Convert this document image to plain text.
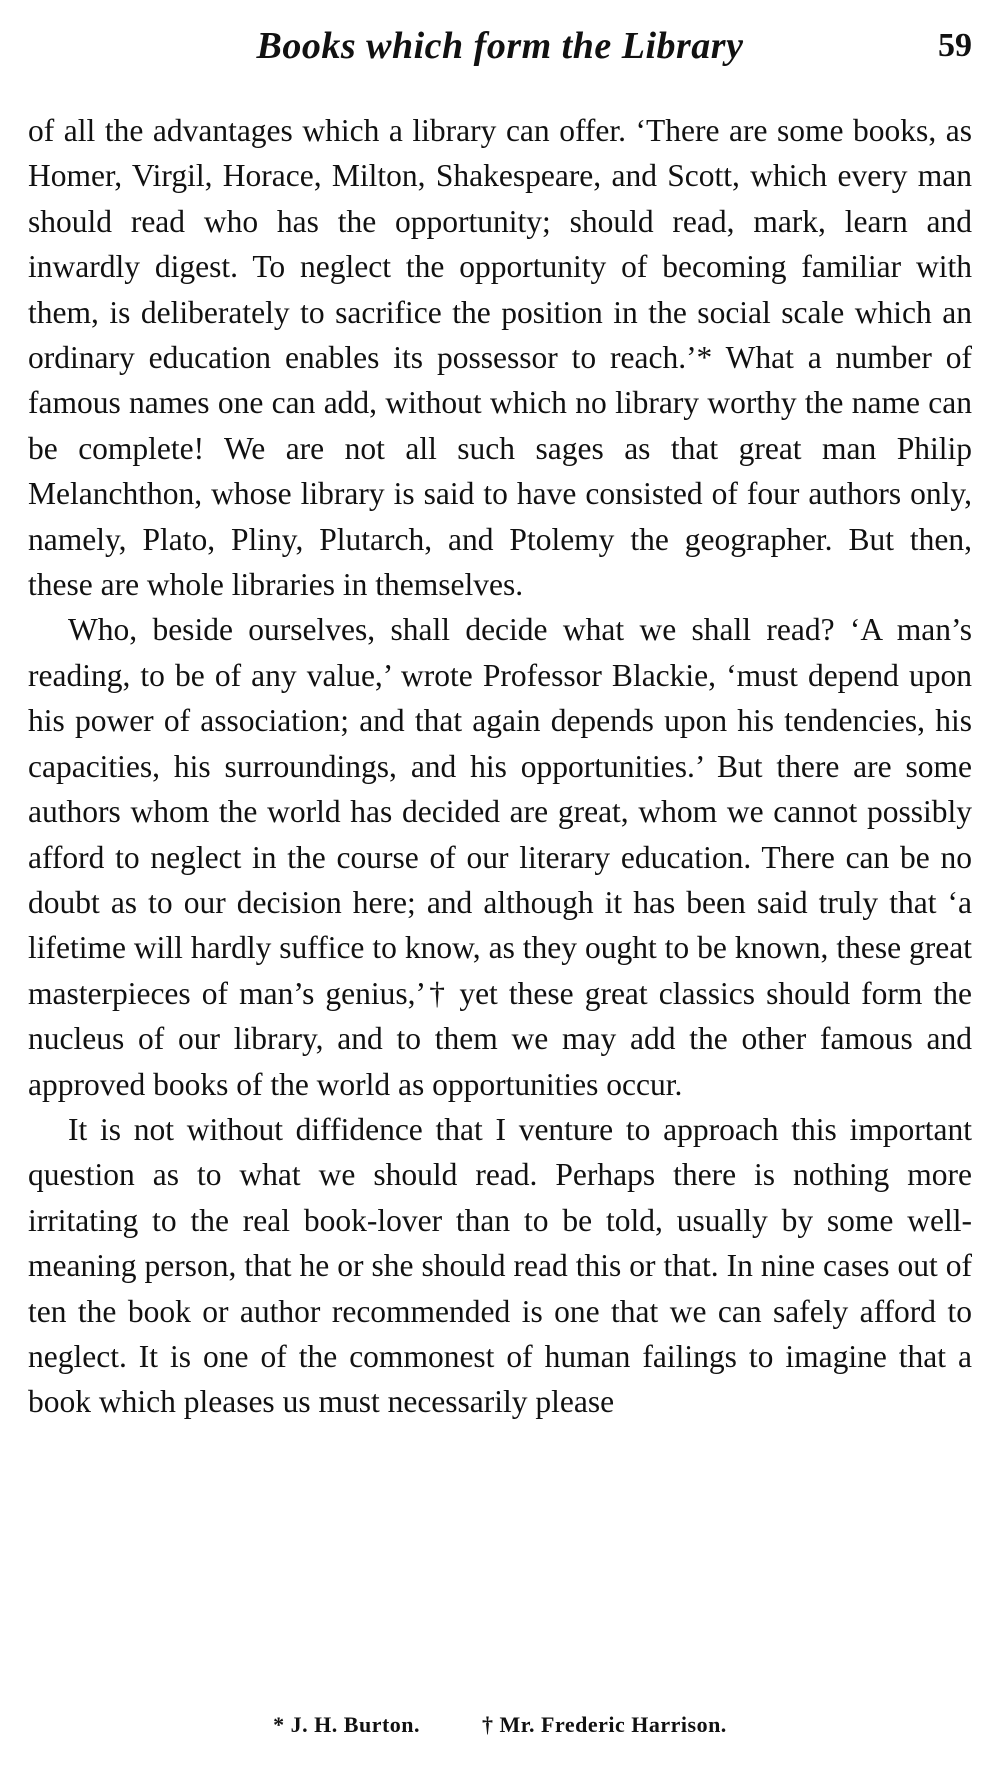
Books which form the Library	59

of all the advantages which a library can offer. ‘There are some books, as Homer, Virgil, Horace, Milton, Shakespeare, and Scott, which every man should read who has the opportunity; should read, mark, learn and inwardly digest. To neglect the opportunity of becoming familiar with them, is deliberately to sacrifice the position in the social scale which an ordinary education enables its possessor to reach.’* What a number of famous names one can add, without which no library worthy the name can be complete! We are not all such sages as that great man Philip Melanchthon, whose library is said to have consisted of four authors only, namely, Plato, Pliny, Plutarch, and Ptolemy the geographer. But then, these are whole libraries in themselves.

Who, beside ourselves, shall decide what we shall read? ‘A man’s reading, to be of any value,’ wrote Professor Blackie, ‘must depend upon his power of association; and that again depends upon his tendencies, his capacities, his surroundings, and his opportunities.’ But there are some authors whom the world has decided are great, whom we cannot possibly afford to neglect in the course of our literary education. There can be no doubt as to our decision here; and although it has been said truly that ‘a lifetime will hardly suffice to know, as they ought to be known, these great masterpieces of man’s genius,’† yet these great classics should form the nucleus of our library, and to them we may add the other famous and approved books of the world as opportunities occur.

It is not without diffidence that I venture to approach this important question as to what we should read. Perhaps there is nothing more irritating to the real book-lover than to be told, usually by some well-meaning person, that he or she should read this or that. In nine cases out of ten the book or author recommended is one that we can safely afford to neglect. It is one of the commonest of human failings to imagine that a book which pleases us must necessarily please

* J. H. Burton.	† Mr. Frederic Harrison.
